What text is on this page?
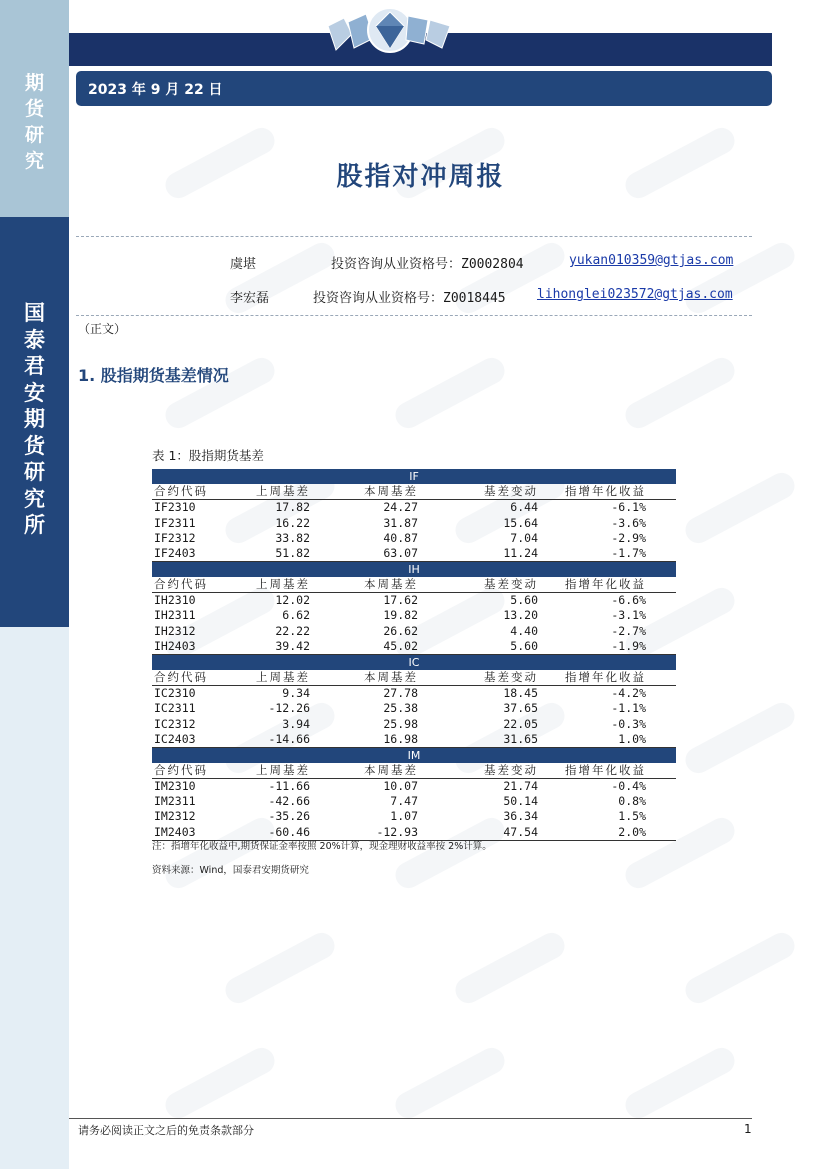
期
货
研
究
国
泰
君
安
期
货
研
究
所
2023 年 9 月 22 日
股指对冲周报
虞堪	投资咨询从业资格号：Z0002804	yukan010359@gtjas.com
李宏磊	投资咨询从业资格号：Z0018445 lihonglei023572@gtjas.com
（正文）
1. 股指期货基差情况
表 1：股指期货基差
IF				
合约代码	上周基差	本周基差	基差变动	指增年化收益
IF2310	17.82	24.27	6.44	-6.1%
IF2311	16.22	31.87	15.64	-3.6%
IF2312	33.82	40.87	7.04	-2.9%
IF2403	51.82	63.07	11.24	-1.7%
IH				
合约代码	上周基差	本周基差	基差变动	指增年化收益
IH2310	12.02	17.62	5.60	-6.6%
IH2311	6.62	19.82	13.20	-3.1%
IH2312	22.22	26.62	4.40	-2.7%
IH2403	39.42	45.02	5.60	-1.9%
IC				
合约代码	上周基差	本周基差	基差变动	指增年化收益
IC2310	9.34	27.78	18.45	-4.2%
IC2311	-12.26	25.38	37.65	-1.1%
IC2312	3.94	25.98	22.05	-0.3%
IC2403	-14.66	16.98	31.65	1.0%
IM				
合约代码	上周基差	本周基差	基差变动	指增年化收益
IM2310	-11.66	10.07	21.74	-0.4%
IM2311	-42.66	7.47	50.14	0.8%
IM2312	-35.26	1.07	36.34	1.5%
IM2403	-60.46	-12.93	47.54	2.0%
注：指增年化收益中,期货保证金率按照 20%计算，现金理财收益率按 2%计算。
资料来源：Wind，国泰君安期货研究
请务必阅读正文之后的免责条款部分	1
